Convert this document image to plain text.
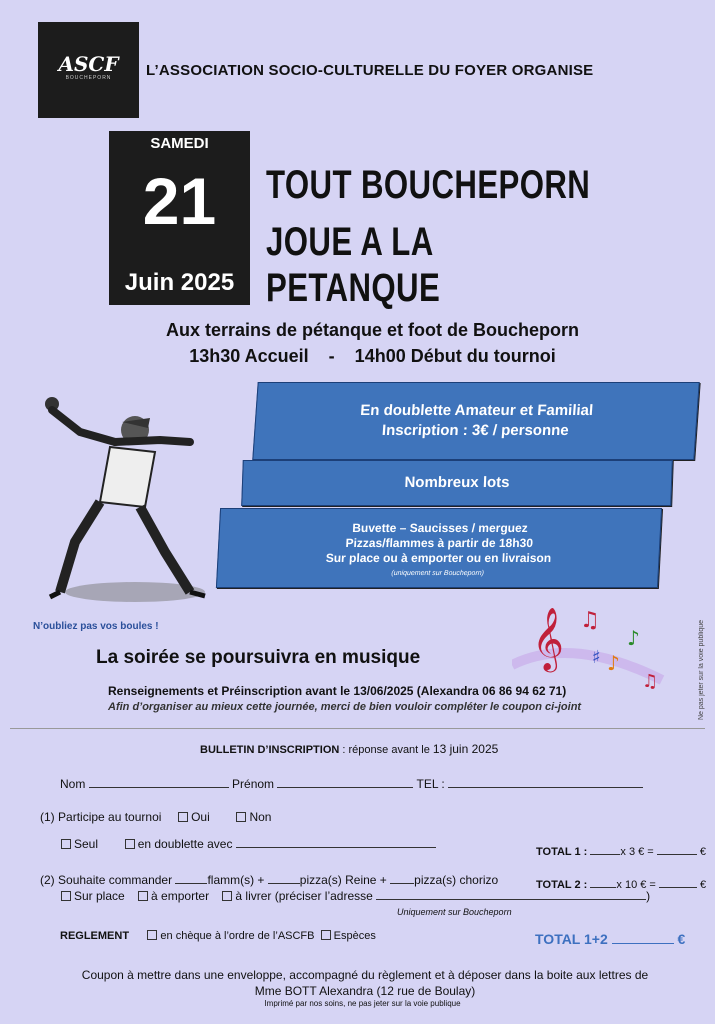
ASCF
BOUCHEPORN	L’ASSOCIATION SOCIO-CULTURELLE DU FOYER ORGANISE
SAMEDI
21
Juin 2025
TOUT BOUCHEPORN
JOUE A LA PETANQUE
Aux terrains de pétanque et foot de Boucheporn
13h30 Accueil    -    14h00 Début du tournoi
En doublette Amateur et Familial
Inscription : 3€ / personne
Nombreux lots
Buvette – Saucisses / merguez
Pizzas/flammes à partir de 18h30
Sur place ou à emporter ou en livraison
(uniquement sur Boucheporn)
N’oubliez pas vos boules !	𝄞 ♫
♪
♯ ♪
♫
La soirée se poursuivra en musique
Renseignements et Préinscription avant le 13/06/2025 (Alexandra 06 86 94 62 71)
Afin d’organiser au mieux cette journée, merci de bien vouloir compléter le coupon ci-joint	Ne pas jeter sur la voie publique
BULLETIN D’INSCRIPTION : réponse avant le 13 juin 2025
Nom	Prénom	TEL :
(1) Participe au tournoi Oui	Non
Seul	en doublette avec
TOTAL 1 :	x 3 € =	€
(2) Souhaite commander	flamm(s) +	pizza(s) Reine + pizza(s) chorizo	TOTAL 2 :	x 10 € =	€
Sur place à emporter à livrer (préciser l’adresse	)
Uniquement sur Boucheporn
REGLEMENT	en chèque à l’ordre de l’ASCFB Espèces	TOTAL 1+2	€
Coupon à mettre dans une enveloppe, accompagné du règlement et à déposer dans la boite aux lettres de
Mme BOTT Alexandra (12 rue de Boulay)
Imprimé par nos soins, ne pas jeter sur la voie publique
